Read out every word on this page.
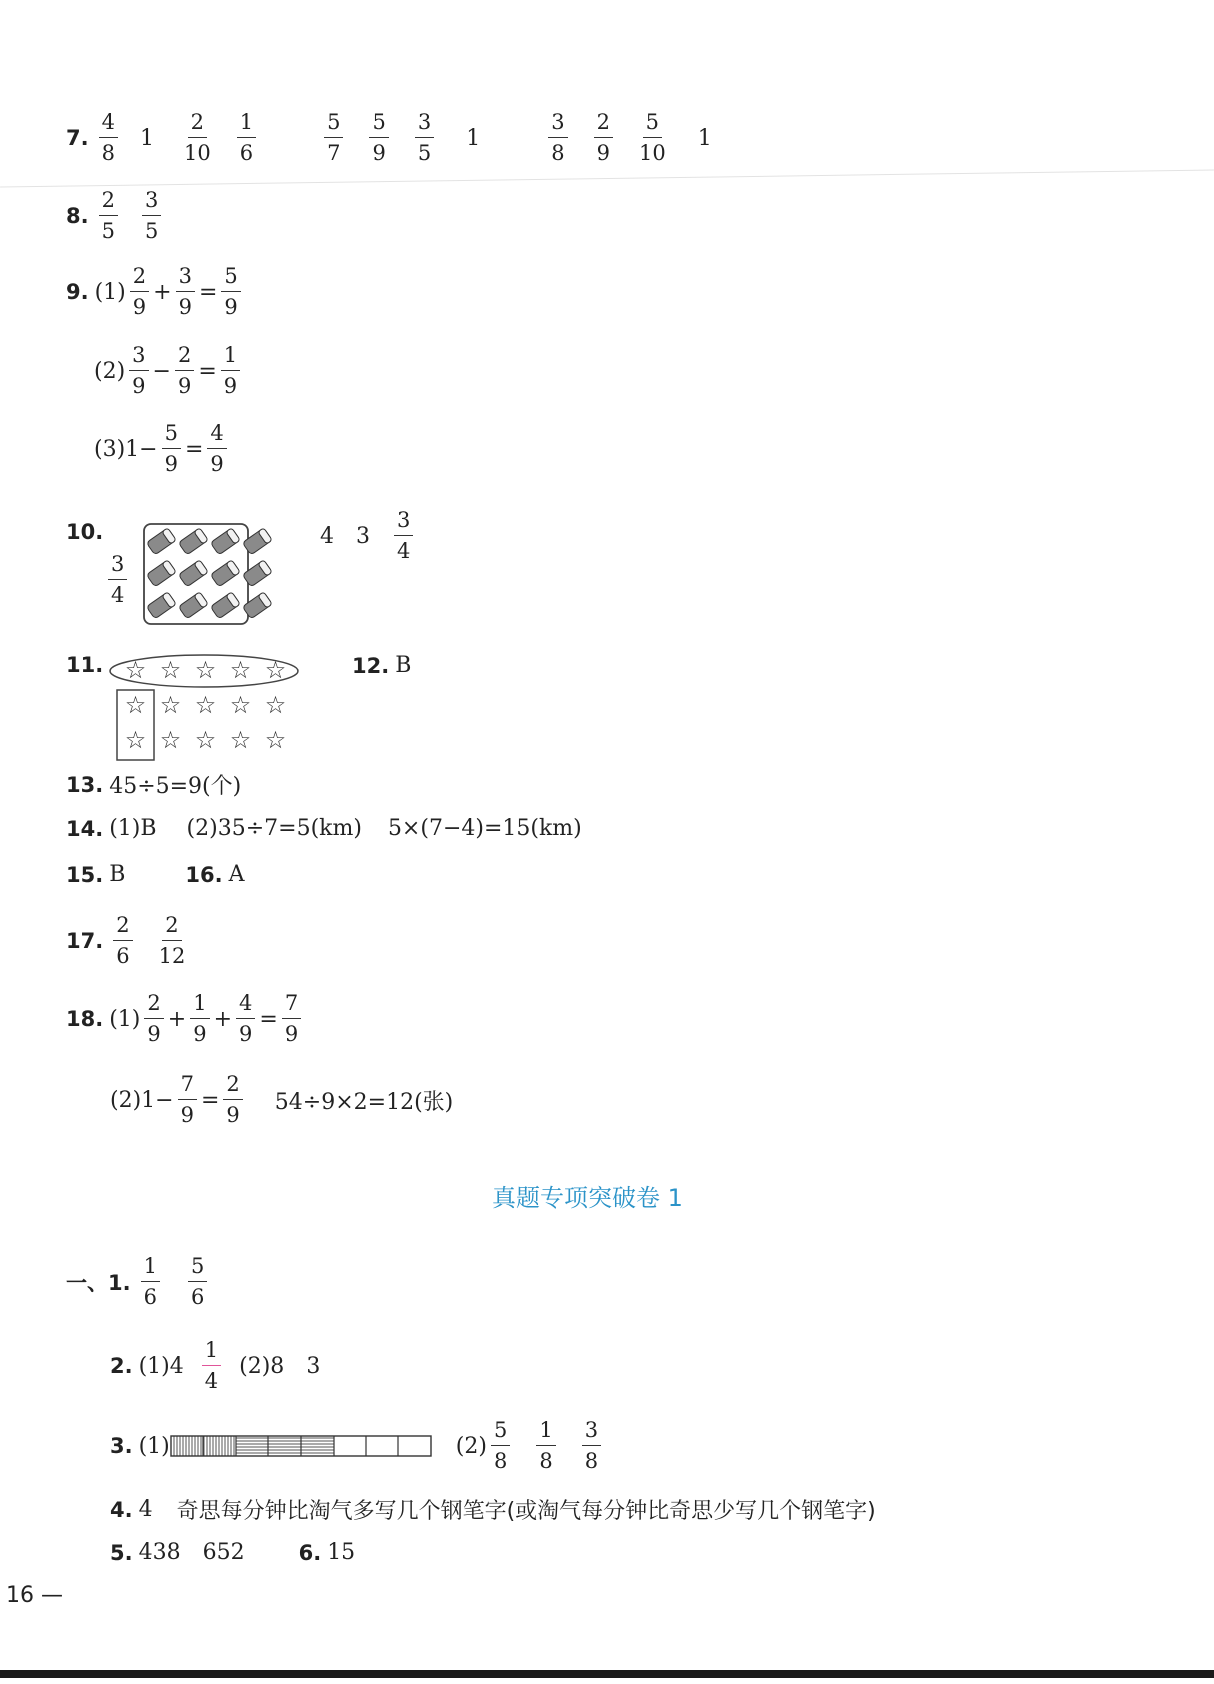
7. $\frac{4}{8} 1 \frac{2}{10} \frac{1}{6}$	$\frac{5}{7} \frac{5}{9} \frac{3}{5} 1$	$\frac{3}{8} \frac{2}{9} \frac{5}{10} 1$
8. $\frac{2}{5} \frac{3}{5}$
9. $(1) \frac{2}{9} + \frac{3}{9} = \frac{5}{9}$
$(2) \frac{3}{9} - \frac{2}{9} = \frac{1}{9}$
(3) $1- \frac{5}{9} = \frac{4}{9}$
10.
$\frac{3}{4}$
4 $3 \frac{3}{4}$
11. ☆ ☆ ☆ ☆ ☆
☆ ☆ ☆ ☆ ☆
☆ ☆ ☆ ☆ ☆
12. B
13. 45÷5=9(个)
14. (1)B (2)35÷7=5(km) 5×(7−4)=15(km)
15. B	16. A
17. $\frac{2}{6} \frac{2}{12}$
18. $(1) \frac{2}{9} + \frac{1}{9} + \frac{4}{9} = \frac{7}{9}$
$(2)1- \frac{7}{9} = \frac{2}{9} 54\div 9\times 2=12$(张)
真题专项突破卷 1
一、1. $\frac{1}{6} \frac{5}{6}$
2. $(1)4 \frac{1}{4} (2)8$ 3
3. (1)	$(2) \frac{5}{8} \frac{1}{8} \frac{3}{8}$
4. 4 奇思每分钟比淘气多写几个钢笔字(或淘气每分钟比奇思少写几个钢笔字)
5. 438 652	6. 15
16 —
